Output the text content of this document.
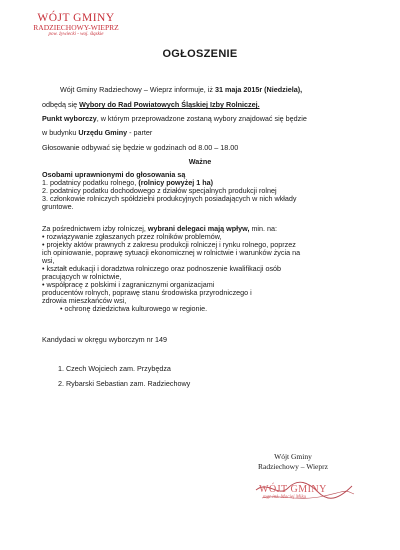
WÓJT GMINY
RADZIECHOWY-WIEPRZ
pow. żywiecki - woj. śląskie
OGŁOSZENIE
Wójt Gminy Radziechowy – Wieprz informuje, iż 31 maja 2015r (Niedziela),
odbędą się Wybory do Rad Powiatowych Śląskiej Izby Rolniczej.
Punkt wyborczy, w którym przeprowadzone zostaną wybory znajdować się będzie
w budynku Urzędu Gminy - parter
Głosowanie odbywać się będzie w godzinach od 8.00 – 18.00
Ważne
Osobami uprawnionymi do głosowania są
1. podatnicy podatku rolnego, (rolnicy powyżej 1 ha)
2. podatnicy podatku dochodowego z działów specjalnych produkcji rolnej
3. członkowie rolniczych spółdzielni produkcyjnych posiadających w nich wkłady
gruntowe.
Za pośrednictwem izby rolniczej, wybrani delegaci mają wpływ, min. na:
• rozwiązywanie zgłaszanych przez rolników problemów,
• projekty aktów prawnych z zakresu produkcji rolniczej i rynku rolnego, poprzez
ich opiniowanie, poprawę sytuacji ekonomicznej w rolnictwie i warunków życia na
wsi,
• kształt edukacji i doradztwa rolniczego oraz podnoszenie kwalifikacji osób
pracujących w rolnictwie,
• współpracę z polskimi i zagranicznymi organizacjami
producentów rolnych, poprawę stanu środowiska przyrodniczego i
zdrowia mieszkańców wsi,
• ochronę dziedzictwa kulturowego w regionie.
Kandydaci w okręgu wyborczym nr 149
1. Czech Wojciech zam. Przybędza
2. Rybarski Sebastian zam. Radziechowy
Wójt Gminy
Radziechowy – Wieprz
WÓJT GMINY
mgr inż. Maciej Miku
